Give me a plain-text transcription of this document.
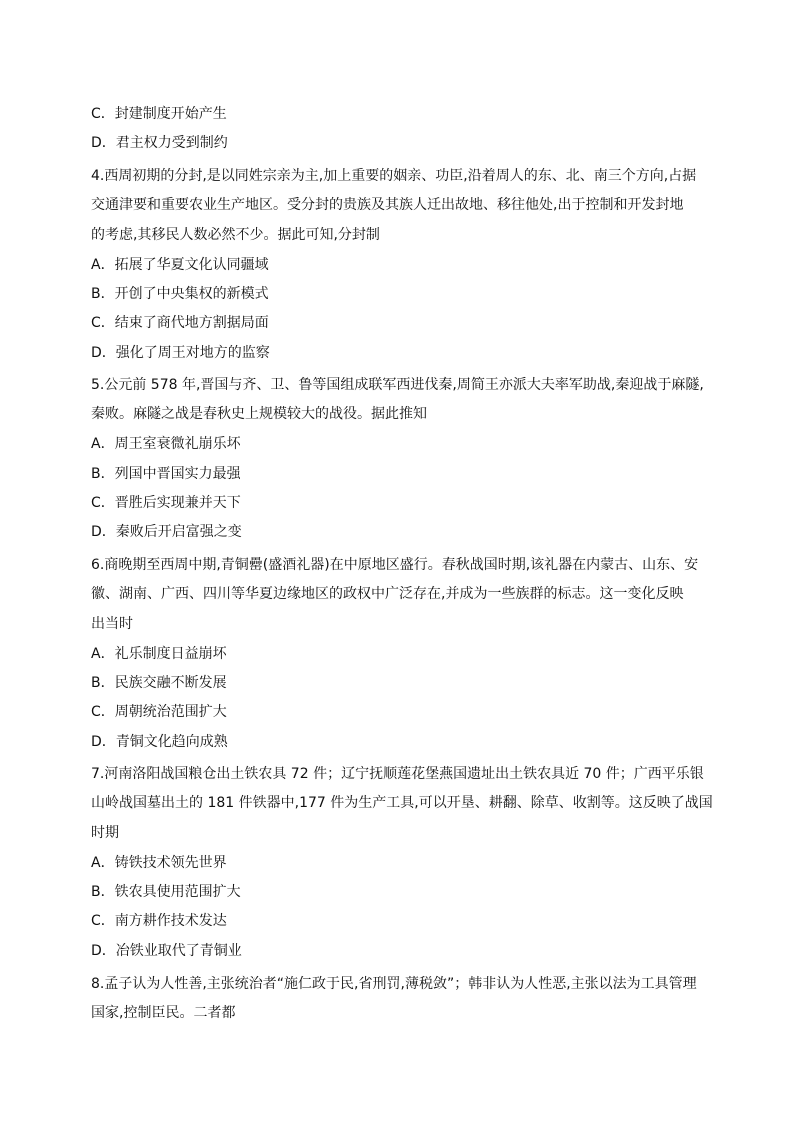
C．封建制度开始产生
D．君主权力受到制约
4.西周初期的分封,是以同姓宗亲为主,加上重要的姻亲、功臣,沿着周人的东、北、南三个方向,占据
交通津要和重要农业生产地区。受分封的贵族及其族人迁出故地、移往他处,出于控制和开发封地
的考虑,其移民人数必然不少。据此可知,分封制
A．拓展了华夏文化认同疆域
B．开创了中央集权的新模式
C．结束了商代地方割据局面
D．强化了周王对地方的监察
5.公元前 578 年,晋国与齐、卫、鲁等国组成联军西进伐秦,周简王亦派大夫率军助战,秦迎战于麻隧,
秦败。麻隧之战是春秋史上规模较大的战役。据此推知
A．周王室衰微礼崩乐坏
B．列国中晋国实力最强
C．晋胜后实现兼并天下
D．秦败后开启富强之变
6.商晚期至西周中期,青铜罍(盛酒礼器)在中原地区盛行。春秋战国时期,该礼器在内蒙古、山东、安
徽、湖南、广西、四川等华夏边缘地区的政权中广泛存在,并成为一些族群的标志。这一变化反映
出当时
A．礼乐制度日益崩坏
B．民族交融不断发展
C．周朝统治范围扩大
D．青铜文化趋向成熟
7.河南洛阳战国粮仓出土铁农具 72 件；辽宁抚顺莲花堡燕国遗址出土铁农具近 70 件；广西平乐银
山岭战国墓出土的 181 件铁器中,177 件为生产工具,可以开垦、耕翻、除草、收割等。这反映了战国
时期
A．铸铁技术领先世界
B．铁农具使用范围扩大
C．南方耕作技术发达
D．冶铁业取代了青铜业
8.孟子认为人性善,主张统治者“施仁政于民,省刑罚,薄税敛”；韩非认为人性恶,主张以法为工具管理
国家,控制臣民。二者都
